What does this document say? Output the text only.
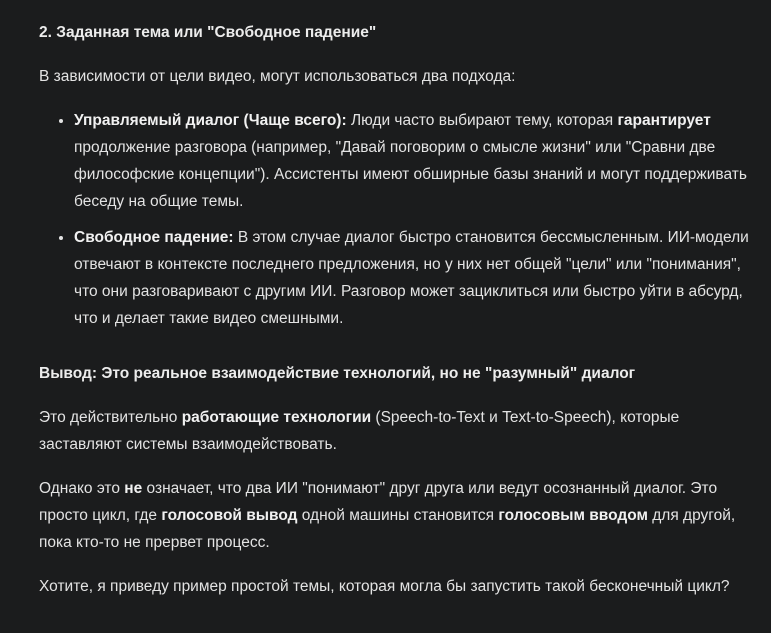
2. Заданная тема или "Свободное падение"

В зависимости от цели видео, могут использоваться два подхода:

• Управляемый диалог (Чаще всего): Люди часто выбирают тему, которая гарантирует продолжение разговора (например, "Давай поговорим о смысле жизни" или "Сравни две философские концепции"). Ассистенты имеют обширные базы знаний и могут поддерживать беседу на общие темы.
• Свободное падение: В этом случае диалог быстро становится бессмысленным. ИИ-модели отвечают в контексте последнего предложения, но у них нет общей "цели" или "понимания", что они разговаривают с другим ИИ. Разговор может зациклиться или быстро уйти в абсурд, что и делает такие видео смешными.
Вывод: Это реальное взаимодействие технологий, но не "разумный" диалог

Это действительно работающие технологии (Speech-to-Text и Text-to-Speech), которые заставляют системы взаимодействовать.

Однако это не означает, что два ИИ "понимают" друг друга или ведут осознанный диалог. Это просто цикл, где голосовой вывод одной машины становится голосовым вводом для другой, пока кто-то не прервет процесс.

Хотите, я приведу пример простой темы, которая могла бы запустить такой бесконечный цикл?
